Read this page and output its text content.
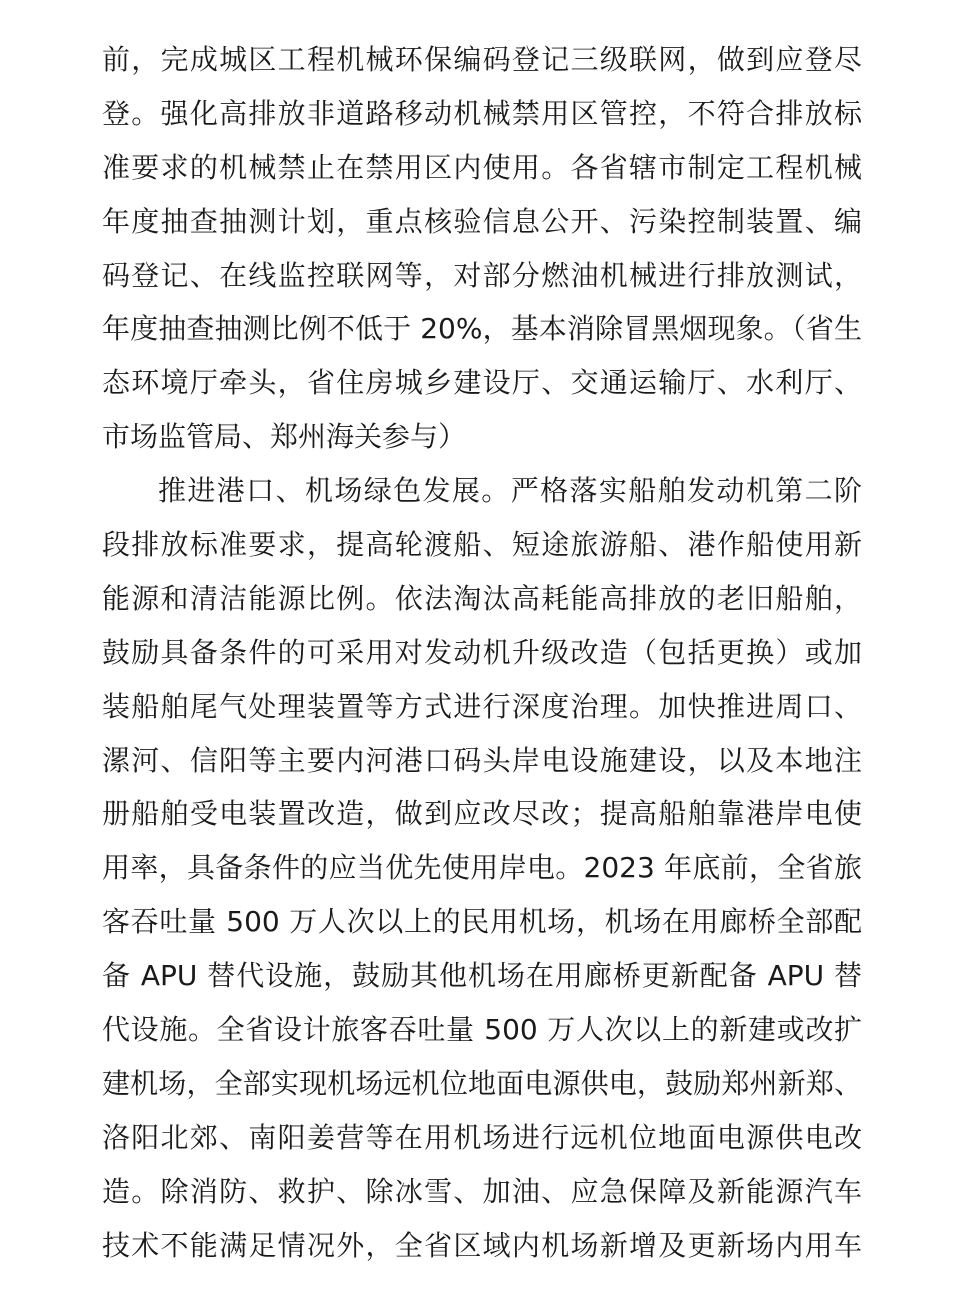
前，完成城区工程机械环保编码登记三级联网，做到应登尽
登。强化高排放非道路移动机械禁用区管控，不符合排放标
准要求的机械禁止在禁用区内使用。各省辖市制定工程机械
年度抽查抽测计划，重点核验信息公开、污染控制装置、编
码登记、在线监控联网等，对部分燃油机械进行排放测试，
年度抽查抽测比例不低于 20%，基本消除冒黑烟现象。（省生
态环境厅牵头，省住房城乡建设厅、交通运输厅、水利厅、
市场监管局、郑州海关参与）
推进港口、机场绿色发展。严格落实船舶发动机第二阶
段排放标准要求，提高轮渡船、短途旅游船、港作船使用新
能源和清洁能源比例。依法淘汰高耗能高排放的老旧船舶，
鼓励具备条件的可采用对发动机升级改造（包括更换）或加
装船舶尾气处理装置等方式进行深度治理。加快推进周口、
漯河、信阳等主要内河港口码头岸电设施建设，以及本地注
册船舶受电装置改造，做到应改尽改；提高船舶靠港岸电使
用率，具备条件的应当优先使用岸电。2023 年底前，全省旅
客吞吐量 500 万人次以上的民用机场，机场在用廊桥全部配
备 APU 替代设施，鼓励其他机场在用廊桥更新配备 APU 替
代设施。全省设计旅客吞吐量 500 万人次以上的新建或改扩
建机场，全部实现机场远机位地面电源供电，鼓励郑州新郑、
洛阳北郊、南阳姜营等在用机场进行远机位地面电源供电改
造。除消防、救护、除冰雪、加油、应急保障及新能源汽车
技术不能满足情况外，全省区域内机场新增及更新场内用车
